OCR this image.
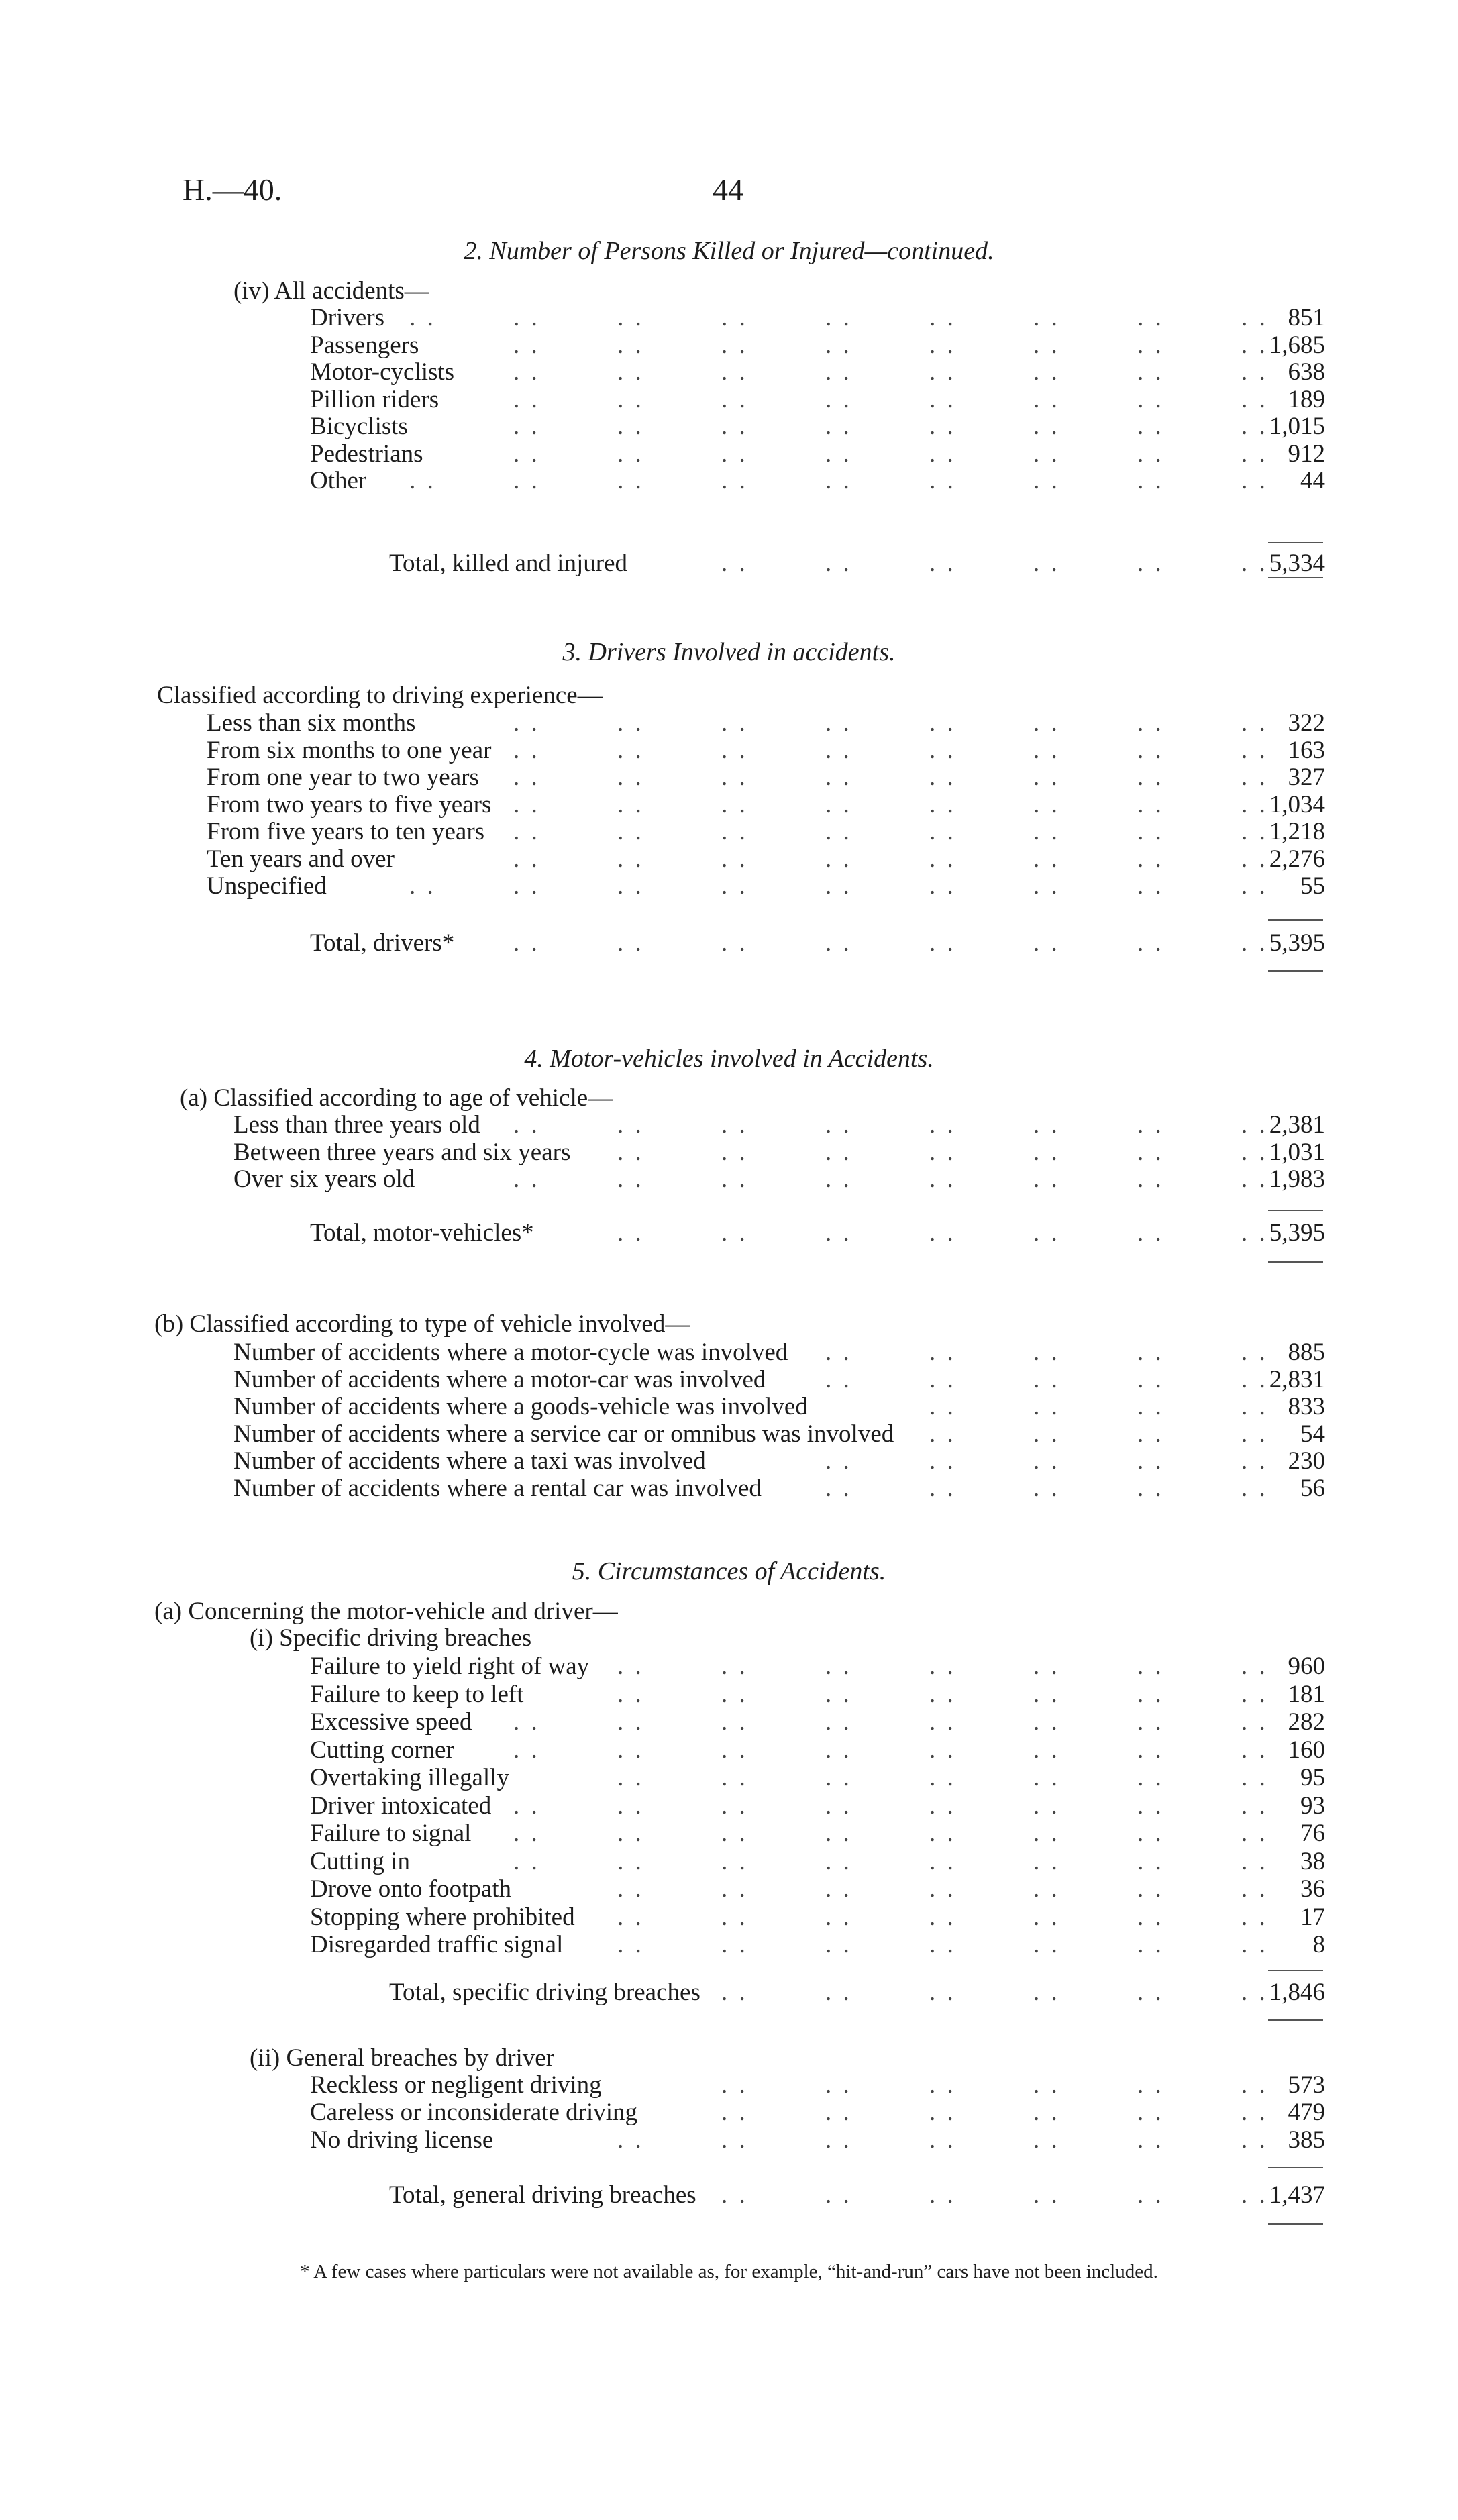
H.—40.	44
2. Number of Persons Killed or Injured—continued.
(iv) All accidents—
Drivers	851
. .	. .	. .	. .	. .	. .	. .	. .	. .
Passengers	1,685
. .	. .	. .	. .	. .	. .	. .	. .
Motor-cyclists	638
. .	. .	. .	. .	. .	. .	. .	. .
Pillion riders	189
. .	. .	. .	. .	. .	. .	. .	. .
Bicyclists	1,015
. .	. .	. .	. .	. .	. .	. .	. .
Pedestrians	912
. .	. .	. .	. .	. .	. .	. .	. .
Other	44
. .	. .	. .	. .	. .	. .	. .	. .	. .
Total, killed and injured	5,334
. .	. .	. .	. .	. .	. .
3. Drivers Involved in accidents.
Classified according to driving experience—
Less than six months	322
. .	. .	. .	. .	. .	. .	. .	. .
From six months to one year	163
. .	. .	. .	. .	. .	. .	. .	. .
From one year to two years	327
. .	. .	. .	. .	. .	. .	. .	. .
From two years to five years	1,034
. .	. .	. .	. .	. .	. .	. .	. .
From five years to ten years	1,218
. .	. .	. .	. .	. .	. .	. .	. .
Ten years and over	2,276
. .	. .	. .	. .	. .	. .	. .	. .
Unspecified	55
. .	. .	. .	. .	. .	. .	. .	. .	. .
Total, drivers*	5,395
. .	. .	. .	. .	. .	. .	. .	. .
4. Motor-vehicles involved in Accidents.
(a) Classified according to age of vehicle—
Less than three years old	2,381
. .	. .	. .	. .	. .	. .	. .	. .
Between three years and six years	1,031
. .	. .	. .	. .	. .	. .	. .
Over six years old	1,983
. .	. .	. .	. .	. .	. .	. .	. .
Total, motor-vehicles*	5,395
. .	. .	. .	. .	. .	. .	. .
(b) Classified according to type of vehicle involved—
Number of accidents where a motor-cycle was involved	885
. .	. .	. .	. .	. .
Number of accidents where a motor-car was involved	2,831
. .	. .	. .	. .	. .
Number of accidents where a goods-vehicle was involved	833
. .	. .	. .	. .
Number of accidents where a service car or omnibus was involved	54
. .	. .	. .	. .
Number of accidents where a taxi was involved	230
. .	. .	. .	. .	. .
Number of accidents where a rental car was involved	56
. .	. .	. .	. .	. .
5. Circumstances of Accidents.
(a) Concerning the motor-vehicle and driver—
(i) Specific driving breaches
Failure to yield right of way	960
. .	. .	. .	. .	. .	. .	. .
Failure to keep to left	181
. .	. .	. .	. .	. .	. .	. .
Excessive speed	282
. .	. .	. .	. .	. .	. .	. .	. .
Cutting corner	160
. .	. .	. .	. .	. .	. .	. .	. .
Overtaking illegally	95
. .	. .	. .	. .	. .	. .	. .
Driver intoxicated	93
. .	. .	. .	. .	. .	. .	. .	. .
Failure to signal	76
. .	. .	. .	. .	. .	. .	. .	. .
Cutting in	38
. .	. .	. .	. .	. .	. .	. .	. .
Drove onto footpath	36
. .	. .	. .	. .	. .	. .	. .
Stopping where prohibited	17
. .	. .	. .	. .	. .	. .	. .
Disregarded traffic signal	8
. .	. .	. .	. .	. .	. .	. .
Total, specific driving breaches	1,846
. .	. .	. .	. .	. .	. .
(ii) General breaches by driver
Reckless or negligent driving	573
. .	. .	. .	. .	. .	. .
Careless or inconsiderate driving	479
. .	. .	. .	. .	. .	. .
No driving license	385
. .	. .	. .	. .	. .	. .	. .
Total, general driving breaches	1,437
. .	. .	. .	. .	. .	. .
* A few cases where particulars were not available as, for example, “hit-and-run” cars have not been included.
